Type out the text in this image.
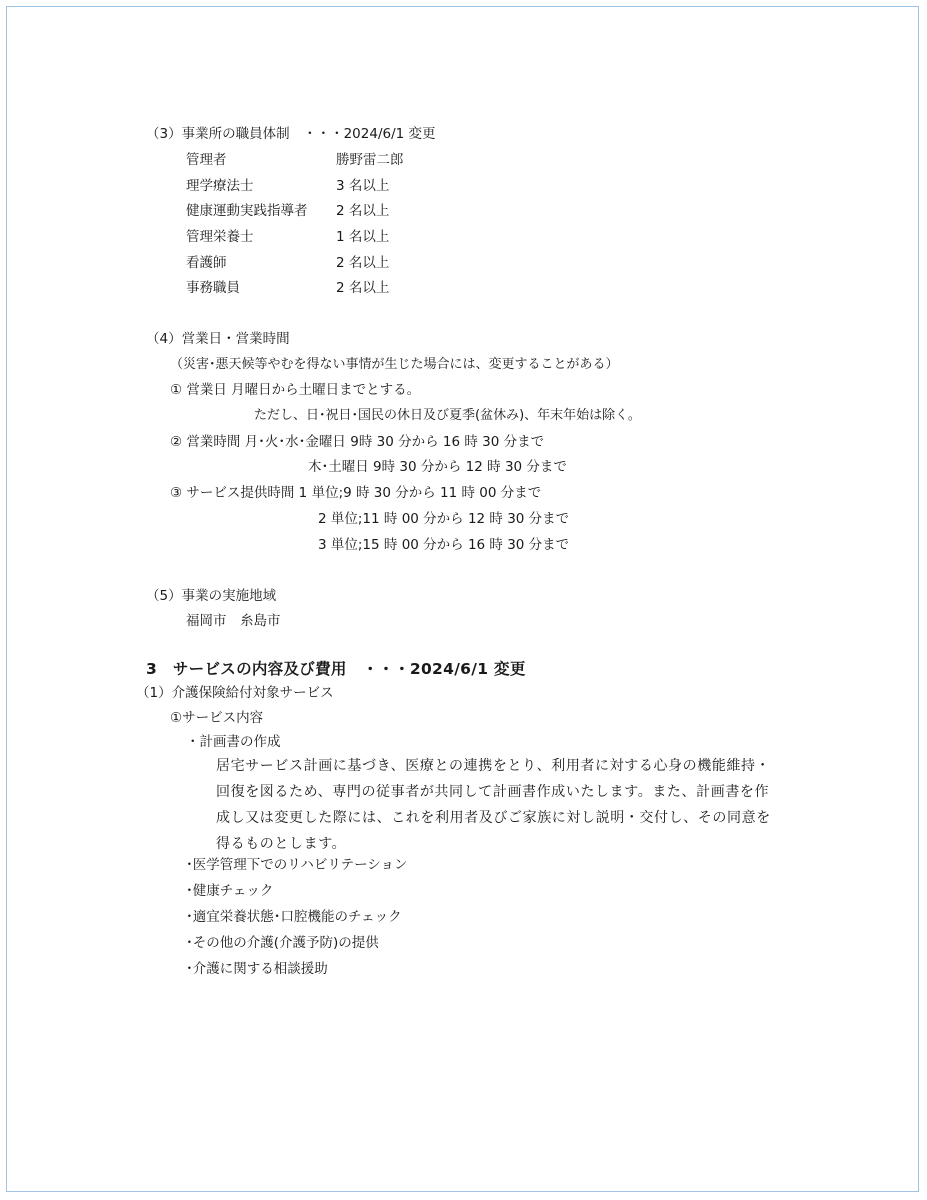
（3）事業所の職員体制　・・・2024/6/1 変更
管理者	勝野雷二郎
理学療法士	3 名以上
健康運動実践指導者 2 名以上
管理栄養士	1 名以上
看護師	2 名以上
事務職員	2 名以上
（4）営業日・営業時間
（災害･悪天候等やむを得ない事情が生じた場合には、変更することがある）
① 営業日 月曜日から土曜日までとする。
ただし、日･祝日･国民の休日及び夏季(盆休み)、年末年始は除く。
② 営業時間 月･火･水･金曜日 9時 30 分から 16 時 30 分まで
木･土曜日 9時 30 分から 12 時 30 分まで
③ サービス提供時間 1 単位;9 時 30 分から 11 時 00 分まで
2 単位;11 時 00 分から 12 時 30 分まで
3 単位;15 時 00 分から 16 時 30 分まで
（5）事業の実施地域
福岡市　糸島市
3　サービスの内容及び費用　・・・2024/6/1 変更
（1）介護保険給付対象サービス
①サービス内容
・計画書の作成
居宅サービス計画に基づき、医療との連携をとり、利用者に対する心身の機能維持・
回復を図るため、専門の従事者が共同して計画書作成いたします。また、計画書を作
成し又は変更した際には、これを利用者及びご家族に対し説明・交付し、その同意を
得るものとします。
･医学管理下でのリハビリテーション
･健康チェック
･適宜栄養状態･口腔機能のチェック
･その他の介護(介護予防)の提供
･介護に関する相談援助
